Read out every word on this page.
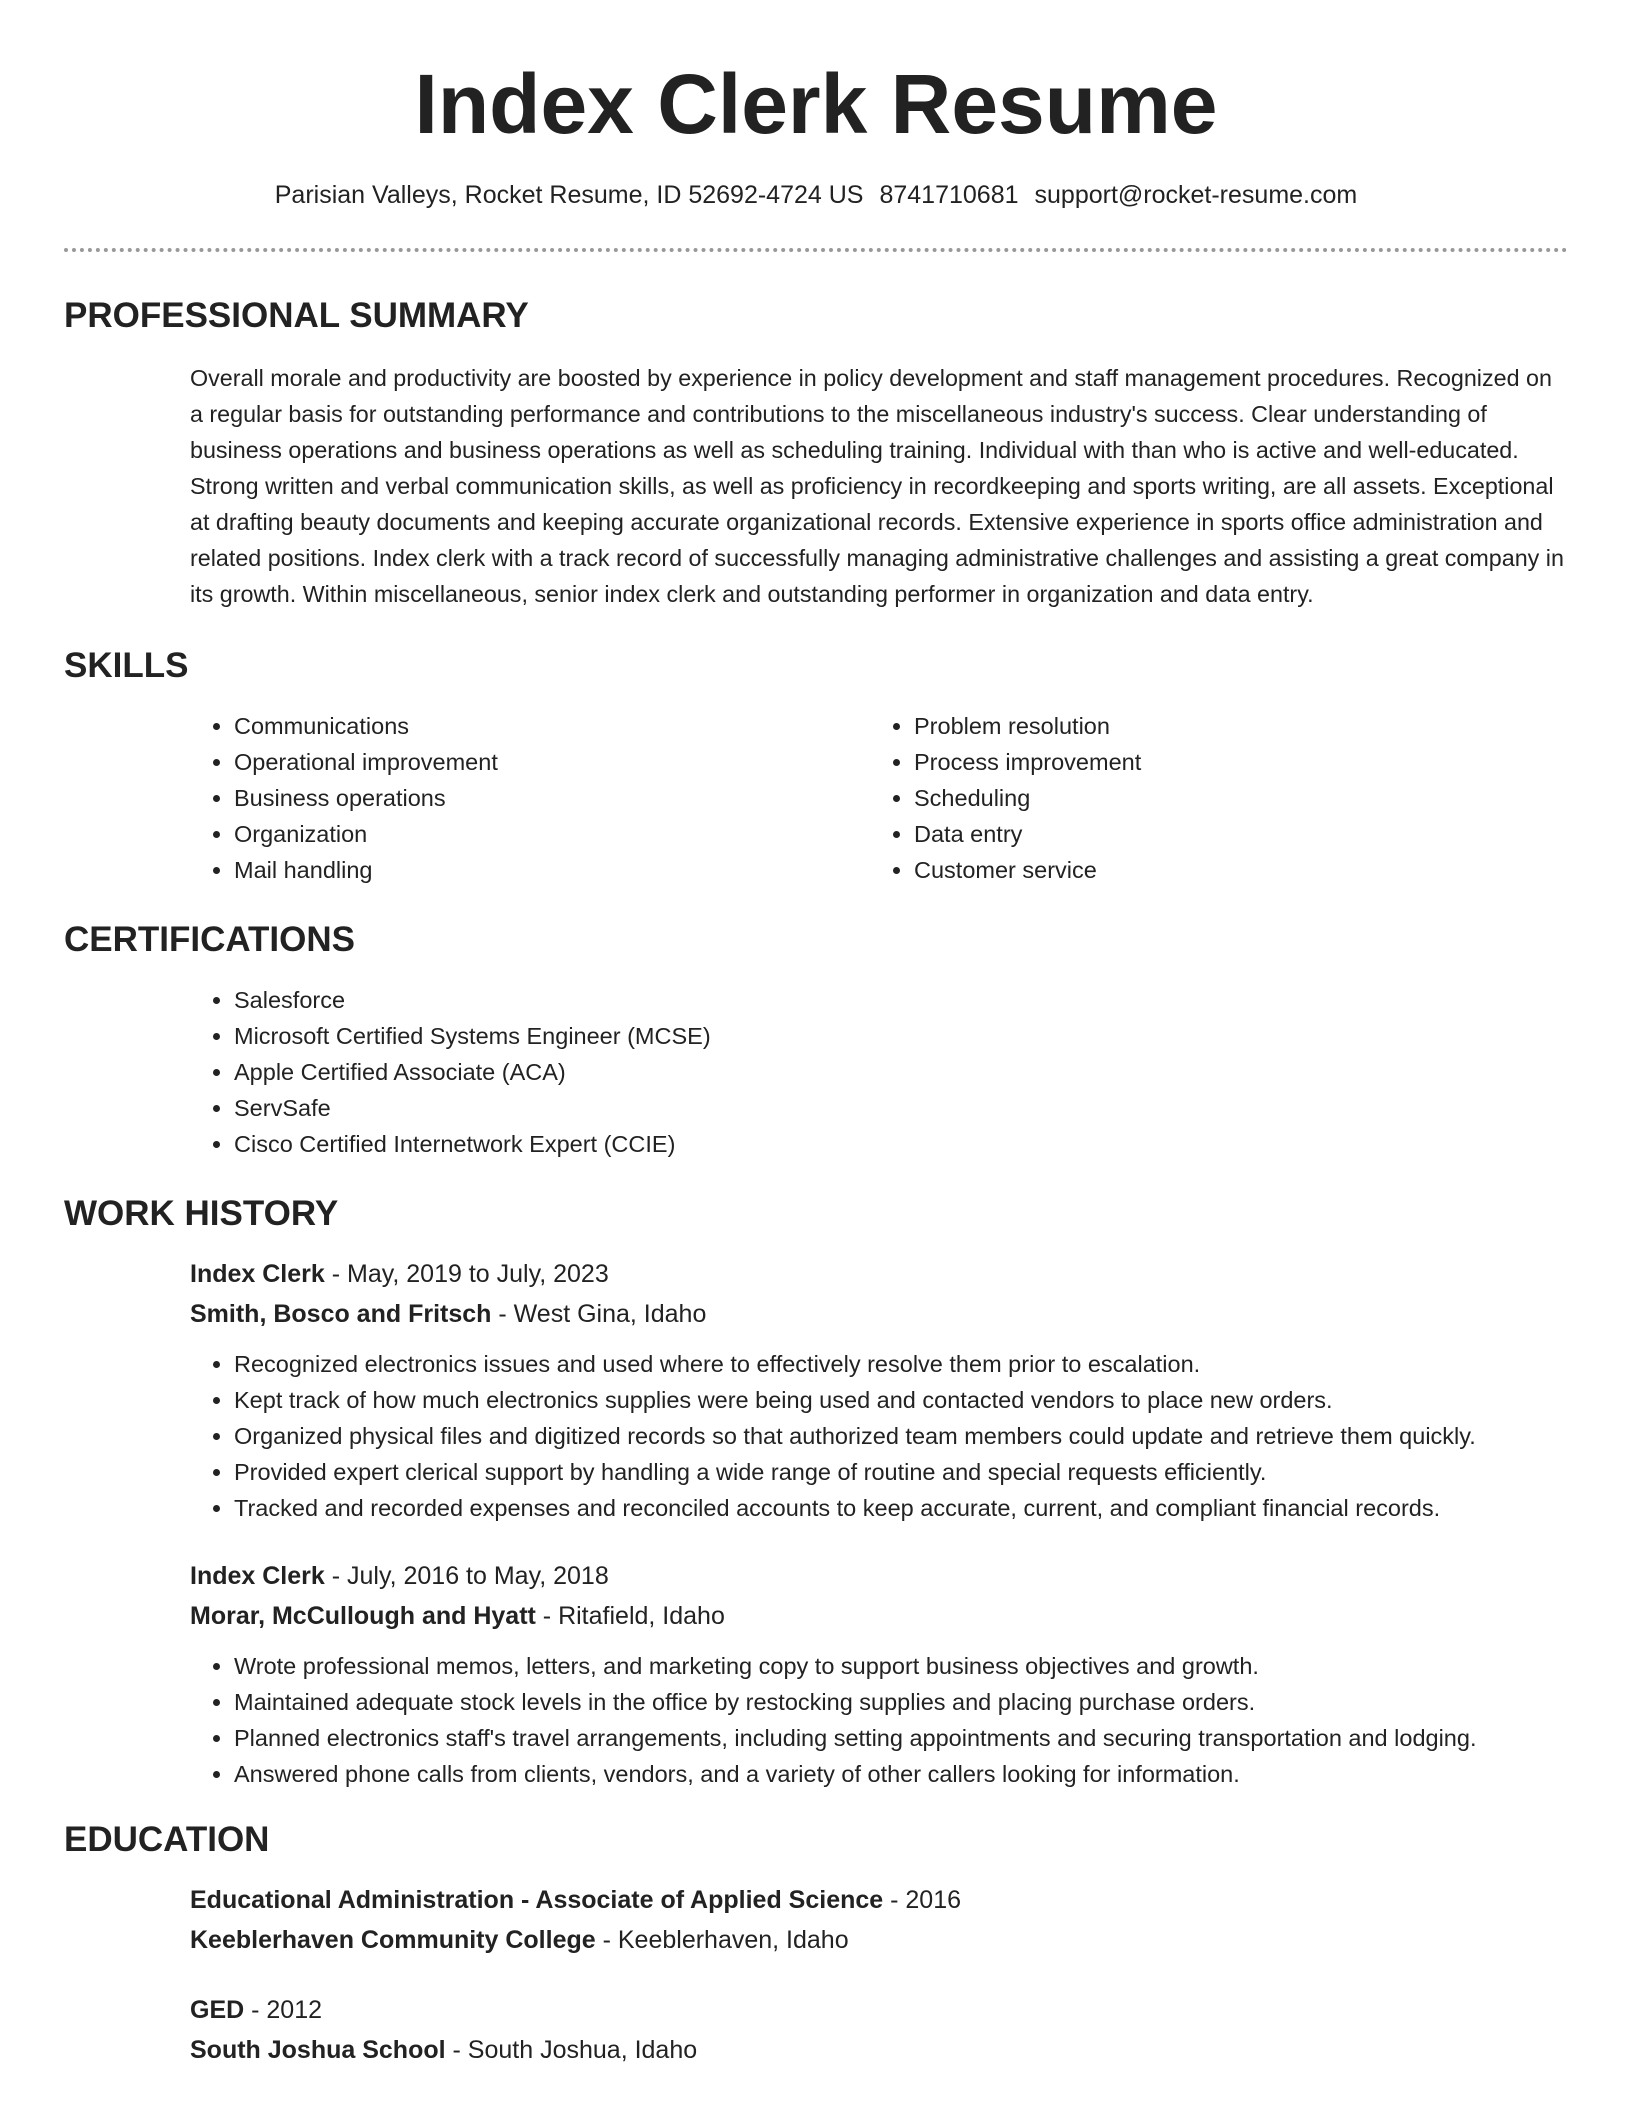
Index Clerk Resume
Parisian Valleys, Rocket Resume, ID 52692-4724 US 8741710681 support@rocket-resume.com
PROFESSIONAL SUMMARY

Overall morale and productivity are boosted by experience in policy development and staff management procedures. Recognized on a regular basis for outstanding performance and contributions to the miscellaneous industry's success. Clear understanding of business operations and business operations as well as scheduling training. Individual with than who is active and well-educated. Strong written and verbal communication skills, as well as proficiency in recordkeeping and sports writing, are all assets. Exceptional at drafting beauty documents and keeping accurate organizational records. Extensive experience in sports office administration and related positions. Index clerk with a track record of successfully managing administrative challenges and assisting a great company in its growth. Within miscellaneous, senior index clerk and outstanding performer in organization and data entry.

SKILLS
• Communications
• Operational improvement
• Business operations
• Organization
• Mail handling
• Problem resolution
• Process improvement
• Scheduling
• Data entry
• Customer service
CERTIFICATIONS
• Salesforce
• Microsoft Certified Systems Engineer (MCSE)
• Apple Certified Associate (ACA)
• ServSafe
• Cisco Certified Internetwork Expert (CCIE)
WORK HISTORY
Index Clerk - May, 2019 to July, 2023
Smith, Bosco and Fritsch - West Gina, Idaho
• Recognized electronics issues and used where to effectively resolve them prior to escalation.
• Kept track of how much electronics supplies were being used and contacted vendors to place new orders.
• Organized physical files and digitized records so that authorized team members could update and retrieve them quickly.
• Provided expert clerical support by handling a wide range of routine and special requests efficiently.
• Tracked and recorded expenses and reconciled accounts to keep accurate, current, and compliant financial records.
Index Clerk - July, 2016 to May, 2018
Morar, McCullough and Hyatt - Ritafield, Idaho
• Wrote professional memos, letters, and marketing copy to support business objectives and growth.
• Maintained adequate stock levels in the office by restocking supplies and placing purchase orders.
• Planned electronics staff's travel arrangements, including setting appointments and securing transportation and lodging.
• Answered phone calls from clients, vendors, and a variety of other callers looking for information.
EDUCATION
Educational Administration - Associate of Applied Science - 2016
Keeblerhaven Community College - Keeblerhaven, Idaho
GED - 2012
South Joshua School - South Joshua, Idaho
